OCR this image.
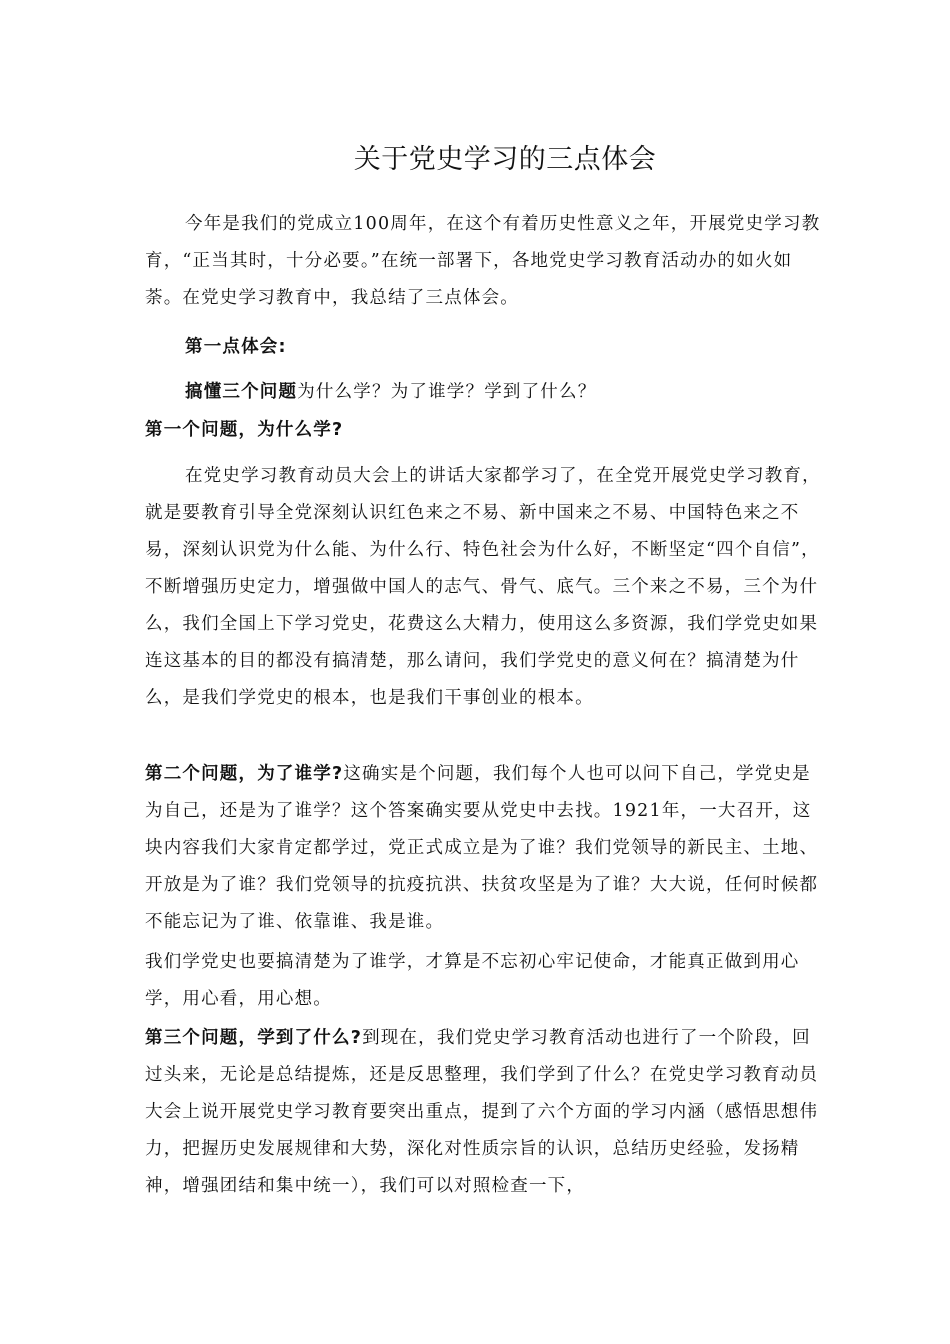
关于党史学习的三点体会

今年是我们的党成立100周年，在这个有着历史性意义之年，开展党史学习教育，“正当其时，十分必要。”在统一部署下，各地党史学习教育活动办的如火如荼。在党史学习教育中，我总结了三点体会。

第一点体会:

搞懂三个问题为什么学？为了谁学？学到了什么？

第一个问题，为什么学?

在党史学习教育动员大会上的讲话大家都学习了，在全党开展党史学习教育，就是要教育引导全党深刻认识红色来之不易、新中国来之不易、中国特色来之不易，深刻认识党为什么能、为什么行、特色社会为什么好，不断坚定“四个自信”，不断增强历史定力，增强做中国人的志气、骨气、底气。三个来之不易，三个为什么，我们全国上下学习党史，花费这么大精力，使用这么多资源，我们学党史如果连这基本的目的都没有搞清楚，那么请问，我们学党史的意义何在？搞清楚为什么，是我们学党史的根本，也是我们干事创业的根本。

第二个问题，为了谁学?这确实是个问题，我们每个人也可以问下自己，学党史是为自己，还是为了谁学？这个答案确实要从党史中去找。1921年，一大召开，这块内容我们大家肯定都学过，党正式成立是为了谁？我们党领导的新民主、土地、开放是为了谁？我们党领导的抗疫抗洪、扶贫攻坚是为了谁？大大说，任何时候都不能忘记为了谁、依靠谁、我是谁。

我们学党史也要搞清楚为了谁学，才算是不忘初心牢记使命，才能真正做到用心学，用心看，用心想。

第三个问题，学到了什么?到现在，我们党史学习教育活动也进行了一个阶段，回过头来，无论是总结提炼，还是反思整理，我们学到了什么？在党史学习教育动员大会上说开展党史学习教育要突出重点，提到了六个方面的学习内涵（感悟思想伟力，把握历史发展规律和大势，深化对性质宗旨的认识，总结历史经验，发扬精神，增强团结和集中统一），我们可以对照检查一下，
